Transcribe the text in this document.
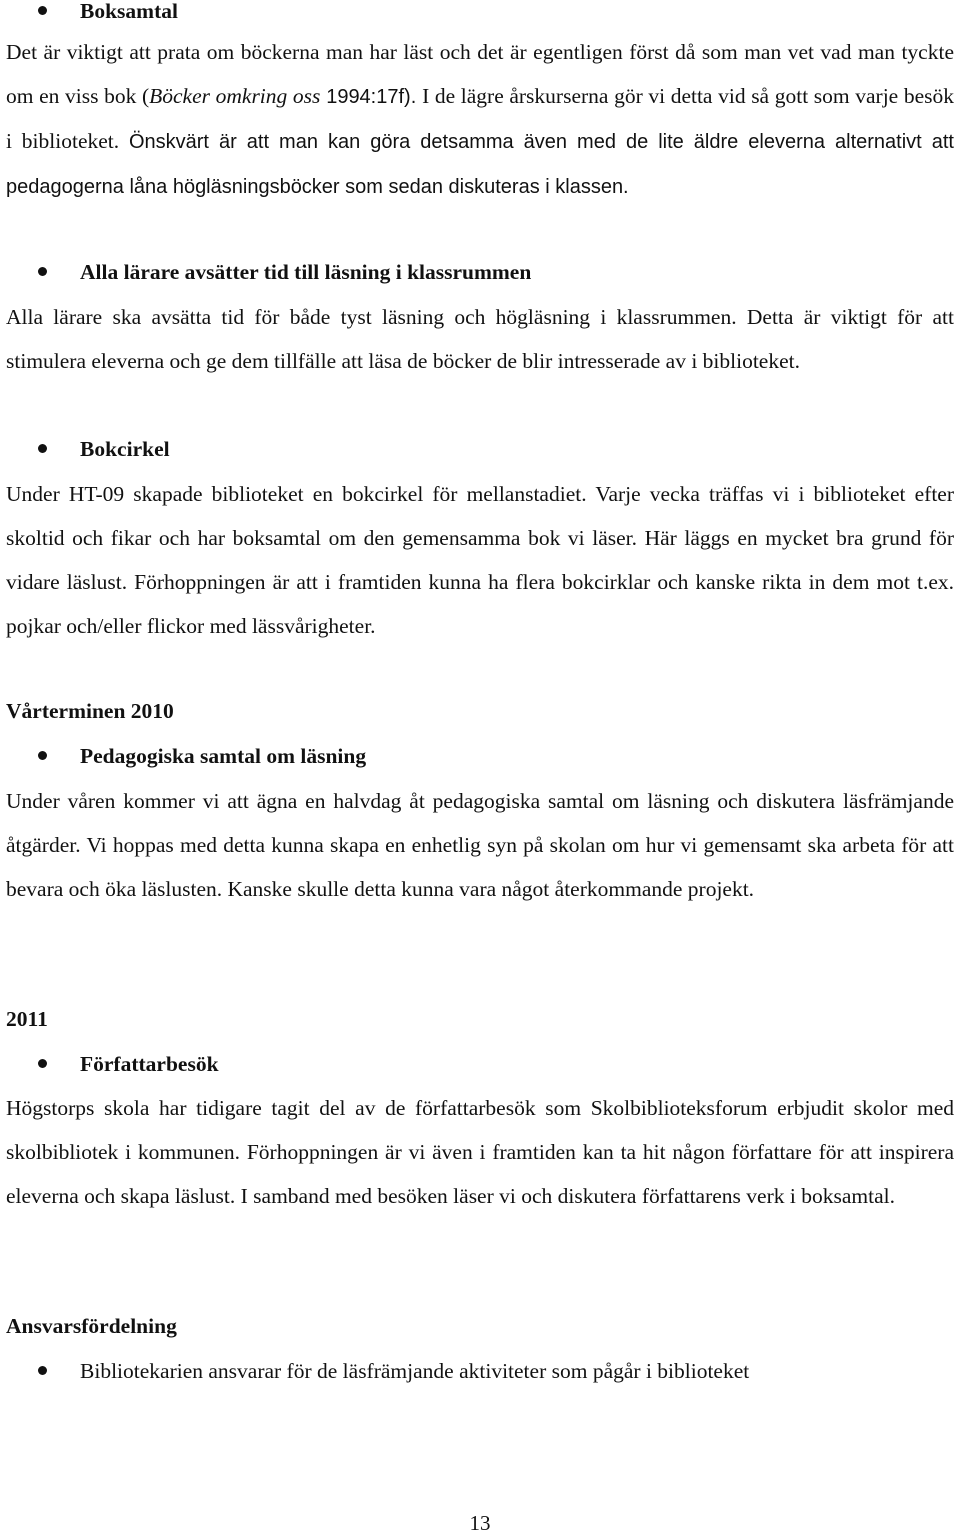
Boksamtal
Det är viktigt att prata om böckerna man har läst och det är egentligen först då som man vet vad man tyckte om en viss bok (Böcker omkring oss 1994:17f). I de lägre årskurserna gör vi detta vid så gott som varje besök i biblioteket. Önskvärt är att man kan göra detsamma även med de lite äldre eleverna alternativt att pedagogerna låna högläsningsböcker som sedan diskuteras i klassen.
Alla lärare avsätter tid till läsning i klassrummen
Alla lärare ska avsätta tid för både tyst läsning och högläsning i klassrummen. Detta är viktigt för att stimulera eleverna och ge dem tillfälle att läsa de böcker de blir intresserade av i biblioteket.
Bokcirkel
Under HT-09 skapade biblioteket en bokcirkel för mellanstadiet. Varje vecka träffas vi i biblioteket efter skoltid och fikar och har boksamtal om den gemensamma bok vi läser. Här läggs en mycket bra grund för vidare läslust. Förhoppningen är att i framtiden kunna ha flera bokcirklar och kanske rikta in dem mot t.ex. pojkar och/eller flickor med lässvårigheter.
Vårterminen 2010
Pedagogiska samtal om läsning
Under våren kommer vi att ägna en halvdag åt pedagogiska samtal om läsning och diskutera läsfrämjande åtgärder. Vi hoppas med detta kunna skapa en enhetlig syn på skolan om hur vi gemensamt ska arbeta för att bevara och öka läslusten. Kanske skulle detta kunna vara något återkommande projekt.
2011
Författarbesök
Högstorps skola har tidigare tagit del av de författarbesök som Skolbiblioteksforum erbjudit skolor med skolbibliotek i kommunen. Förhoppningen är vi även i framtiden kan ta hit någon författare för att inspirera eleverna och skapa läslust. I samband med besöken läser vi och diskutera författarens verk i boksamtal.
Ansvarsfördelning
Bibliotekarien ansvarar för de läsfrämjande aktiviteter som pågår i biblioteket
13
